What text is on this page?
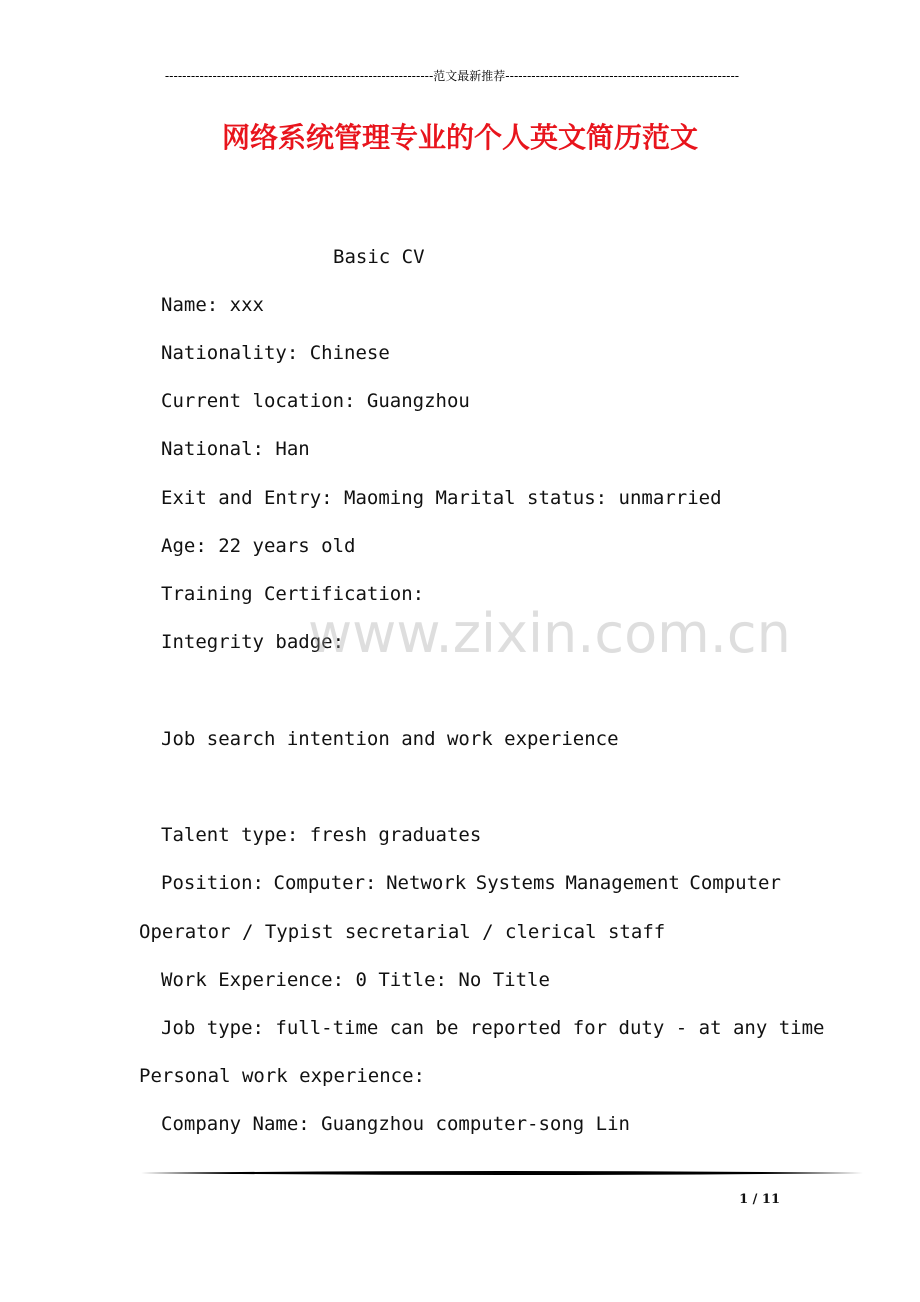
--------------------------------------------------------------范文最新推荐------------------------------------------------------
网络系统管理专业的个人英文简历范文
Basic CV
Name: xxx
Nationality: Chinese
Current location: Guangzhou
National: Han
Exit and Entry: Maoming Marital status: unmarried
Age: 22 years old
Training Certification:
Integrity badge:
Job search intention and work experience
Talent type: fresh graduates
Position: Computer: Network Systems Management Computer
Operator / Typist secretarial / clerical staff
Work Experience: 0 Title: No Title
Job type: full-time can be reported for duty - at any time
Personal work experience:
Company Name: Guangzhou computer-song Lin
www.zixin.com.cn
1 / 11
